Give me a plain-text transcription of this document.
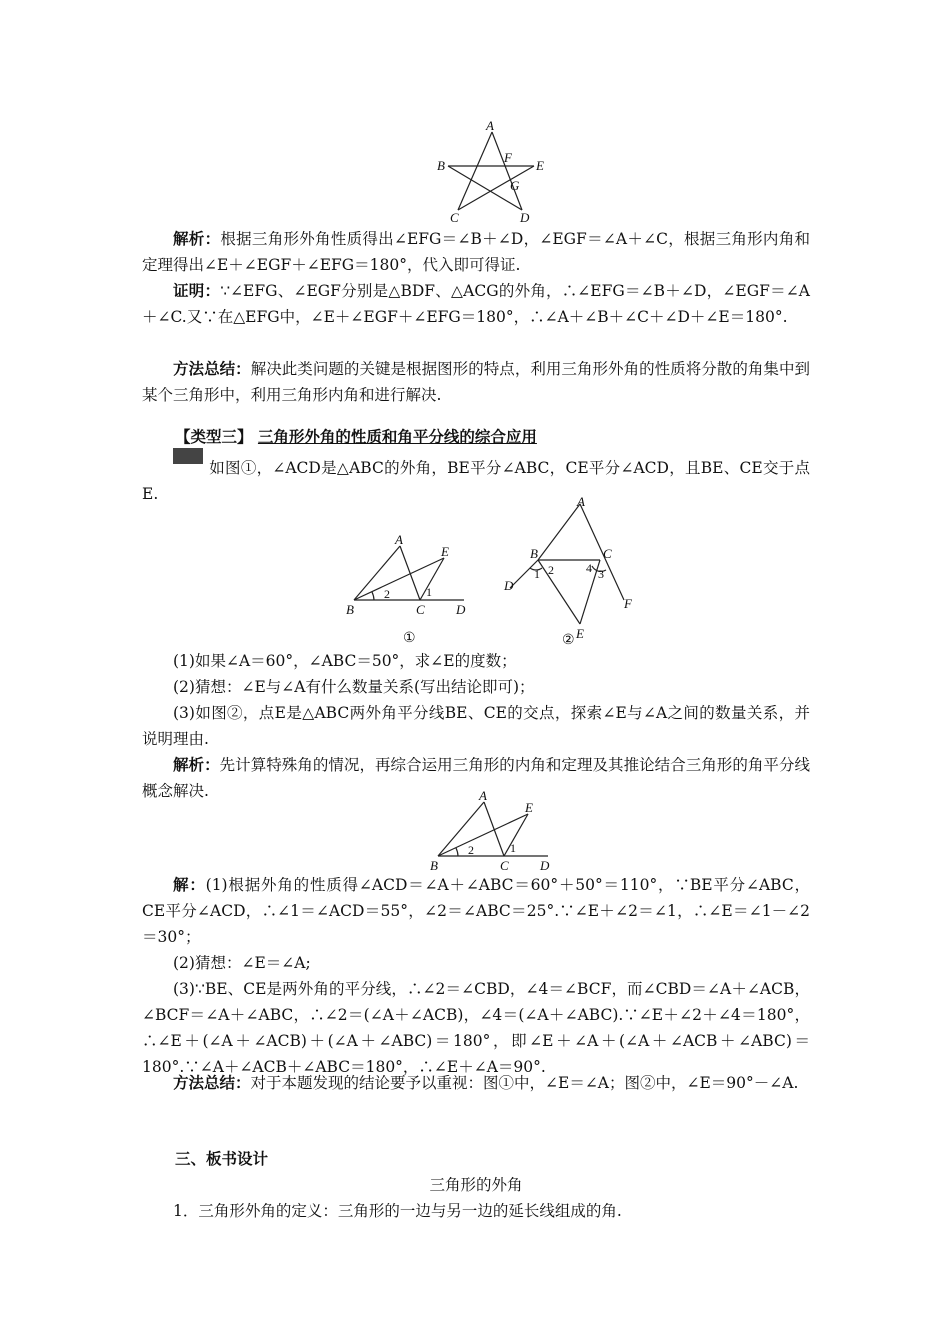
A
B
C	D
E
F
G

解析：根据三角形外角性质得出∠EFG＝∠B＋∠D，∠EGF＝∠A＋∠C，根据三角形内角和定理得出∠E＋∠EGF＋∠EFG＝180°，代入即可得证.

证明：∵∠EFG、∠EGF分别是△BDF、△ACG的外角，∴∠EFG＝∠B＋∠D，∠EGF＝∠A＋∠C.又∵在△EFG中，∠E＋∠EGF＋∠EFG＝180°，∴∠A＋∠B＋∠C＋∠D＋∠E＝180°.

方法总结：解决此类问题的关键是根据图形的特点，利用三角形外角的性质将分散的角集中到某个三角形中，利用三角形内角和进行解决.

【类型三】 三角形外角的性质和角平分线的综合应用

例3 如图①，∠ACD是△ABC的外角，BE平分∠ABC，CE平分∠ACD，且BE、CE交于点E.

A
B	C D
E
1
2
①
A
B	C
D
E
F
1 2	3
4
②

(1)如果∠A＝60°，∠ABC＝50°，求∠E的度数；

(2)猜想：∠E与∠A有什么数量关系(写出结论即可)；

(3)如图②，点E是△ABC两外角平分线BE、CE的交点，探索∠E与∠A之间的数量关系，并说明理由.

解析：先计算特殊角的情况，再综合运用三角形的内角和定理及其推论结合三角形的角平分线概念解决.	A
B	C D
E
1
2

解：(1)根据外角的性质得∠ACD＝∠A＋∠ABC＝60°＋50°＝110°，∵BE平分∠ABC，CE平分∠ACD，∴∠1＝∠ACD＝55°，∠2＝∠ABC＝25°.∵∠E＋∠2＝∠1，∴∠E＝∠1－∠2＝30°；

(2)猜想：∠E＝∠A;

(3)∵BE、CE是两外角的平分线，∴∠2＝∠CBD，∠4＝∠BCF，而∠CBD＝∠A＋∠ACB，∠BCF＝∠A＋∠ABC，∴∠2＝(∠A＋∠ACB)，∠4＝(∠A＋∠ABC).∵∠E＋∠2＋∠4＝180°，∴∠E＋(∠A＋∠ACB)＋(∠A＋∠ABC)＝180°，即∠E＋∠A＋(∠A＋∠ACB＋∠ABC)＝180°.∵∠A＋∠ACB＋∠ABC＝180°，∴∠E＋∠A＝90°.

方法总结：对于本题发现的结论要予以重视：图①中，∠E＝∠A；图②中，∠E＝90°－∠A.

三、板书设计

三角形的外角

1．三角形外角的定义：三角形的一边与另一边的延长线组成的角.
